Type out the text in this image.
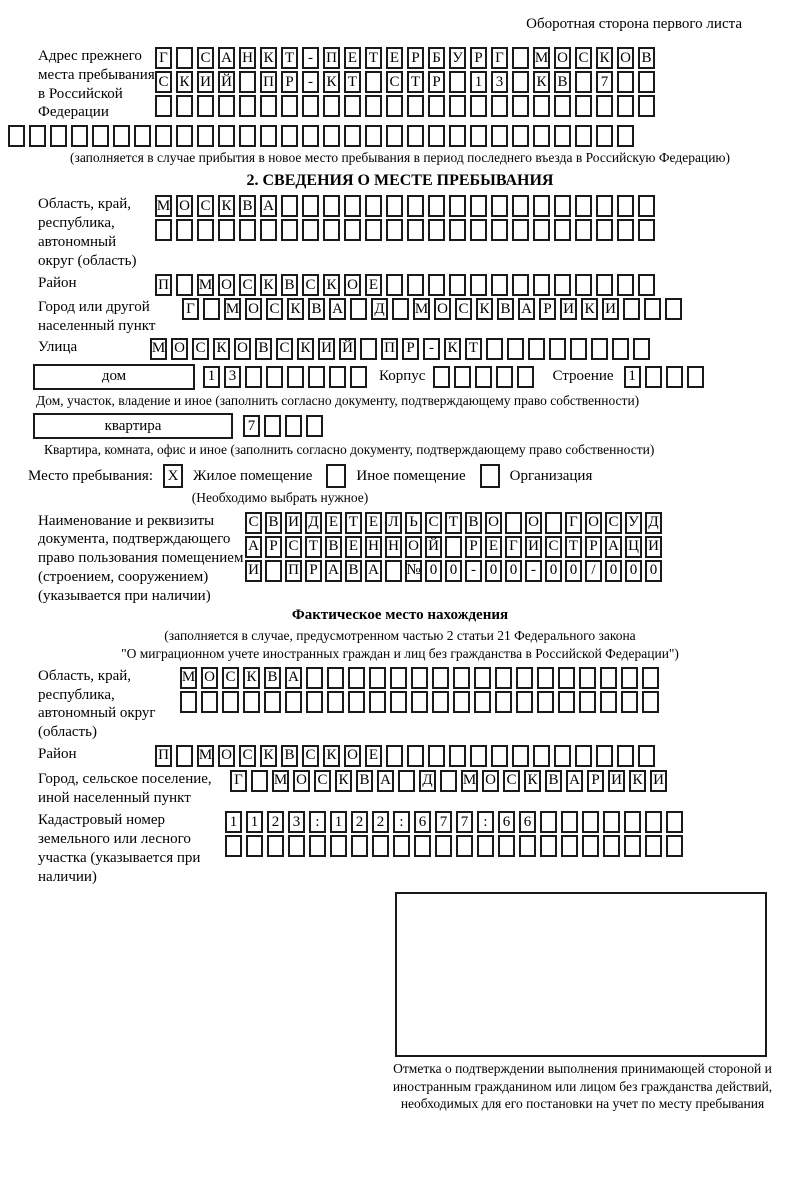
Оборотная сторона первого листа
Адрес прежнего места пребывания в Российской Федерации
Г С А Н К Т - П Е Т Е Р Б У Р Г М О С К О В
С К И Й П Р - К Т С Т Р	1 3	К В	7
(заполняется в случае прибытия в новое место пребывания в период последнего въезда в Российскую Федерацию)
2. СВЕДЕНИЯ О МЕСТЕ ПРЕБЫВАНИЯ
Область, край, республика, автономный округ (область)
М О С К В А
Район	П М О С К В С К О Е
Город или другой населенный пункт
Г М О С К В А Д М О С К В А Р И К И
Улица	М О С К О В С К И Й П Р - К Т
дом	1 3	Корпус	Строение 1
Дом, участок, владение и иное (заполнить согласно документу, подтверждающему право собственности)
квартира	7
Квартира, комната, офис и иное (заполнить согласно документу, подтверждающему право собственности)
Место пребывания: X Жилое помещение	Иное помещение	Организация
(Необходимо выбрать нужное)
Наименование и реквизиты документа, подтверждающего право пользования помещением (строением, сооружением) (указывается при наличии)
С В И Д Е Т Е Л Ь С Т В О О Г О С У Д
А Р С Т В Е Н Н О Й Р Е Г И С Т Р А Ц И
И П Р А В А № 0 0 - 0 0 - 0 0 / 0 0 0
Фактическое место нахождения
(заполняется в случае, предусмотренном частью 2 статьи 21 Федерального закона
"О миграционном учете иностранных граждан и лиц без гражданства в Российской Федерации")
Область, край, республика, автономный округ (область)
М О С К В А
Район	П М О С К В С К О Е
Город, сельское поселение, иной населенный пункт
Г М О С К В А Д М О С К В А Р И К И
Кадастровый номер земельного или лесного участка (указывается при наличии)
1 1 2 3	:	1 2 2	:	6 7 7	:	6 6
Отметка о подтверждении выполнения принимающей стороной и иностранным гражданином или лицом без гражданства действий, необходимых для его постановки на учет по месту пребывания
